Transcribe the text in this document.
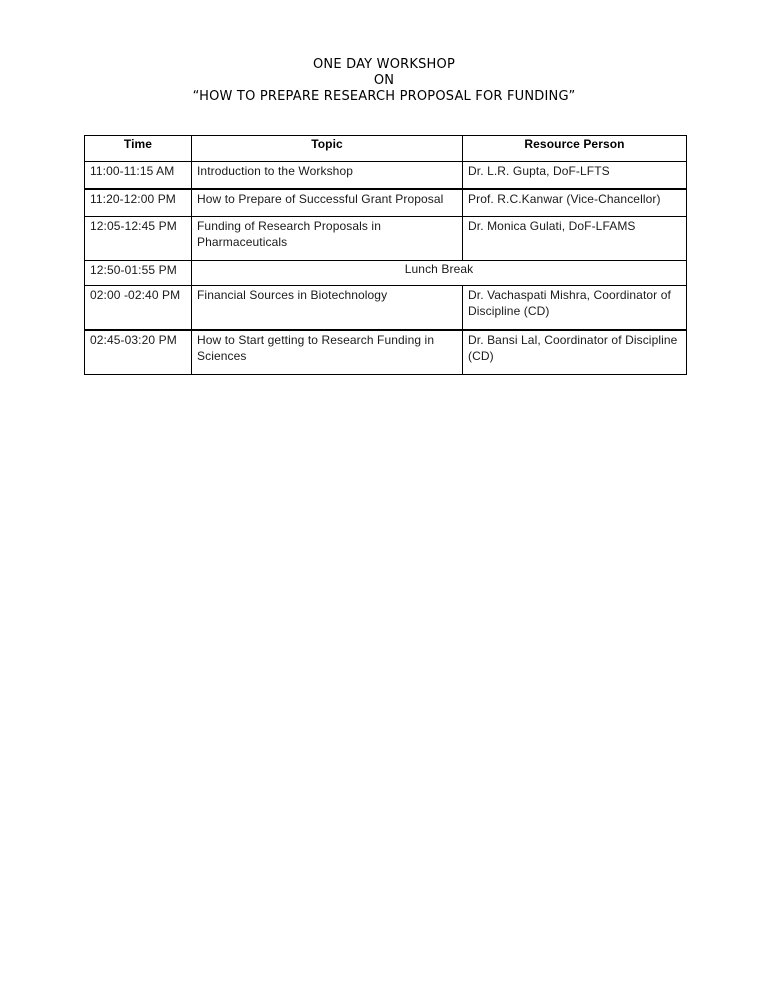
ONE DAY WORKSHOP
ON
“HOW TO PREPARE RESEARCH PROPOSAL FOR FUNDING”
Time	Topic	Resource Person
11:00-11:15 AM	Introduction to the Workshop	Dr. L.R. Gupta, DoF-LFTS
11:20-12:00 PM	How to Prepare of Successful Grant Proposal	Prof. R.C.Kanwar (Vice-Chancellor)
12:05-12:45 PM	Funding of Research Proposals in Pharmaceuticals	Dr. Monica Gulati, DoF-LFAMS
12:50-01:55 PM	Lunch Break	
02:00 -02:40 PM	Financial Sources in Biotechnology	Dr. Vachaspati Mishra, Coordinator of Discipline (CD)
02:45-03:20 PM	How to Start getting to Research Funding in Sciences	Dr. Bansi Lal, Coordinator of Discipline (CD)
